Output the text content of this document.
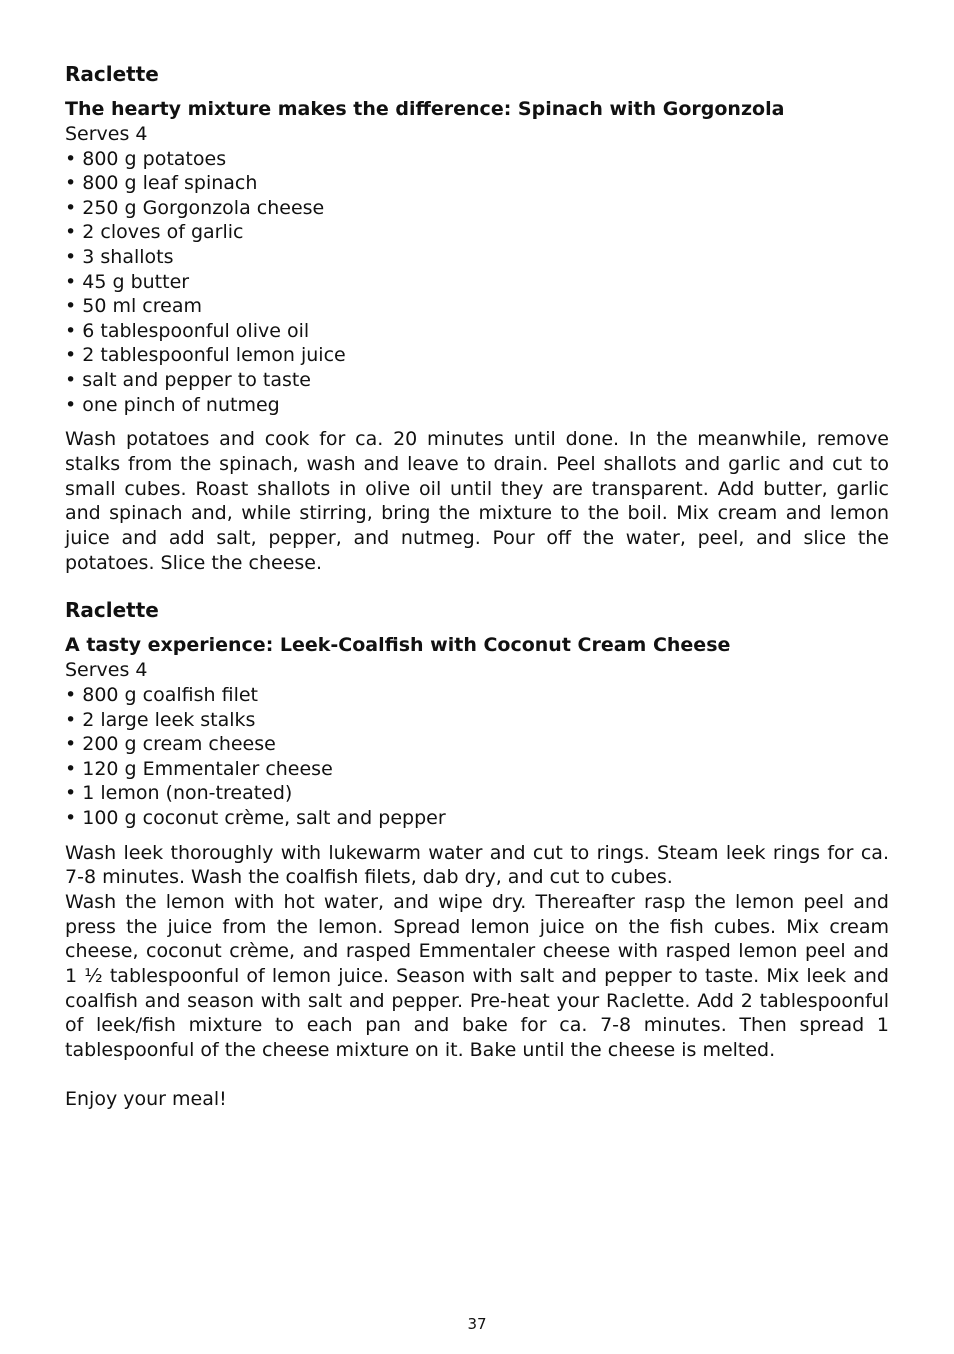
Raclette
The hearty mixture makes the difference: Spinach with Gorgonzola

Serves 4

• 800 g potatoes
• 800 g leaf spinach
• 250 g Gorgonzola cheese
• 2 cloves of garlic
• 3 shallots
• 45 g butter
• 50 ml cream
• 6 tablespoonful olive oil
• 2 tablespoonful lemon juice
• salt and pepper to taste
• one pinch of nutmeg

Wash potatoes and cook for ca. 20 minutes until done. In the meanwhile, remove stalks from the spinach, wash and leave to drain. Peel shallots and garlic and cut to small cubes. Roast shallots in olive oil until they are transparent. Add butter, garlic and spinach and, while stirring, bring the mixture to the boil. Mix cream and lemon juice and add salt, pepper, and nutmeg. Pour off the water, peel, and slice the potatoes. Slice the cheese.

Raclette
A tasty experience: Leek-Coalfish with Coconut Cream Cheese

Serves 4

• 800 g coalfish filet
• 2 large leek stalks
• 200 g cream cheese
• 120 g Emmentaler cheese
• 1 lemon (non-treated)
• 100 g coconut crème, salt and pepper

Wash leek thoroughly with lukewarm water and cut to rings. Steam leek rings for ca. 7-8 minutes. Wash the coalfish filets, dab dry, and cut to cubes.

Wash the lemon with hot water, and wipe dry. Thereafter rasp the lemon peel and press the juice from the lemon. Spread lemon juice on the fish cubes. Mix cream cheese, coconut crème, and rasped Emmentaler cheese with rasped lemon peel and 1 ½ tablespoonful of lemon juice. Season with salt and pepper to taste. Mix leek and coalfish and season with salt and pepper. Pre-heat your Raclette. Add 2 tablespoonful of leek/fish mixture to each pan and bake for ca. 7-8 minutes. Then spread 1 tablespoonful of the cheese mixture on it. Bake until the cheese is melted.

Enjoy your meal!

37
